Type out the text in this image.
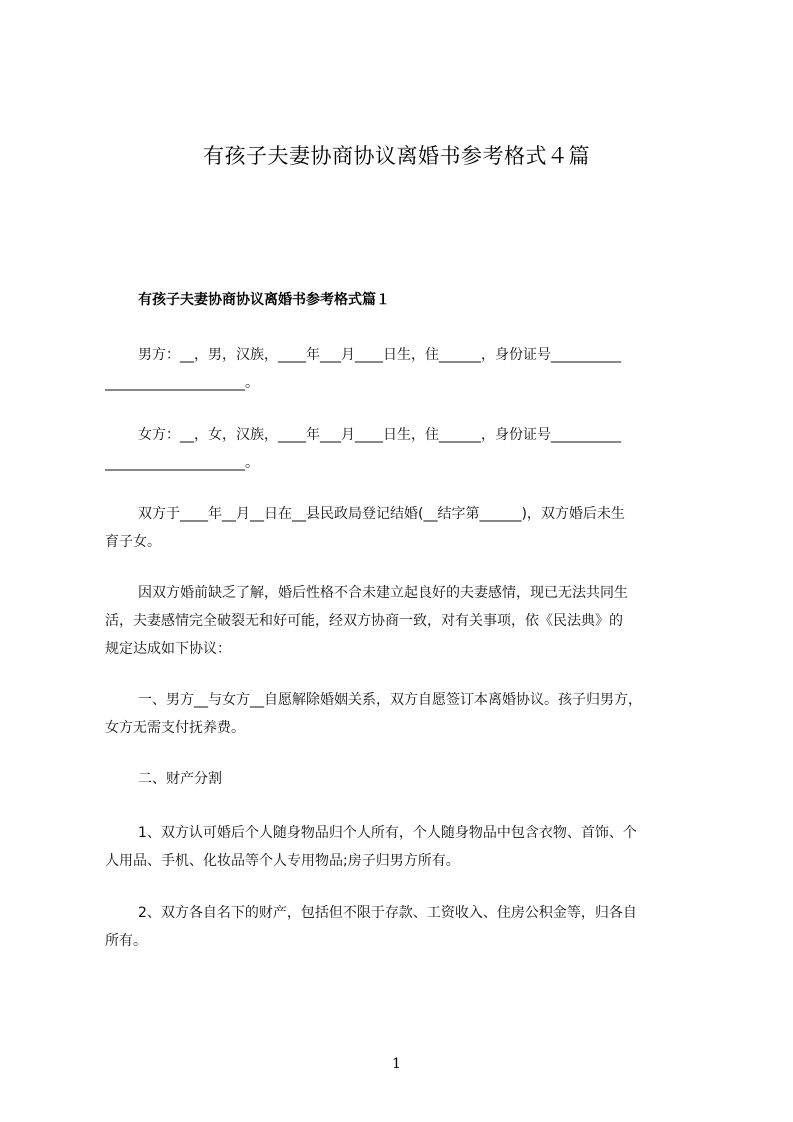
有孩子夫妻协商协议离婚书参考格式４篇
有孩子夫妻协商协议离婚书参考格式篇１
男方：__，男，汉族，____年___月____日生，住______，身份证号__________
____________________。
女方：__，女，汉族，____年___月____日生，住______，身份证号__________
____________________。
双方于____年__月__日在__县民政局登记结婚(__结字第______)，双方婚后未生
育子女。
因双方婚前缺乏了解，婚后性格不合未建立起良好的夫妻感情，现已无法共同生
活，夫妻感情完全破裂无和好可能，经双方协商一致，对有关事项，依《民法典》的
规定达成如下协议：
一、男方__与女方__自愿解除婚姻关系，双方自愿签订本离婚协议。孩子归男方，
女方无需支付抚养费。
二、财产分割
1、双方认可婚后个人随身物品归个人所有，个人随身物品中包含衣物、首饰、个
人用品、手机、化妆品等个人专用物品;房子归男方所有。
2、双方各自名下的财产，包括但不限于存款、工资收入、住房公积金等，归各自
所有。
1
